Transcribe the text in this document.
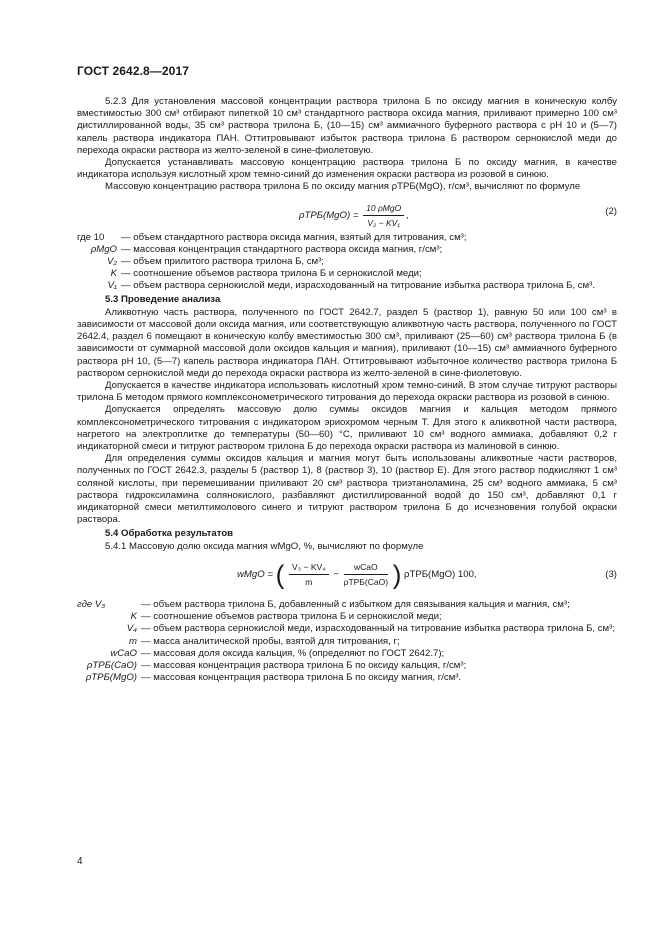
ГОСТ 2642.8—2017

5.2.3 Для установления массовой концентрации раствора трилона Б по оксиду магния в коническую колбу вместимостью 300 см³ отбирают пипеткой 10 см³ стандартного раствора оксида магния, приливают примерно 100 см³ дистиллированной воды, 35 см³ раствора трилона Б, (10—15) см³ аммиачного буферного раствора с pH 10 и (5—7) капель раствора индикатора ПАН. Оттитровывают избыток раствора трилона Б раствором сернокислой меди до перехода окраски раствора из желто-зеленой в сине-фиолетовую.

Допускается устанавливать массовую концентрацию раствора трилона Б по оксиду магния, в качестве индикатора используя кислотный хром темно-синий до изменения окраски раствора из розовой в синюю.

Массовую концентрацию раствора трилона Б по оксиду магния ρТРБ(MgO), г/см³, вычисляют по формуле

$\rho ТРБ(MgO) = \frac{\text{10 ρMgO}}{\text{V₂ − KV₁}}$ ,	(2)
где 10	— объем стандартного раствора оксида магния, взятый для титрования, см³;
ρMgO — массовая концентрация стандартного раствора оксида магния, г/см³;
V₂ — объем прилитого раствора трилона Б, см³;
K — соотношение объемов раствора трилона Б и сернокислой меди;
V₁ — объем раствора сернокислой меди, израсходованный на титрование избытка раствора трилона Б, см³.

5.3 Проведение анализа

Аликвотную часть раствора, полученного по ГОСТ 2642.7, раздел 5 (раствор 1), равную 50 или 100 см³ в зависимости от массовой доли оксида магния, или соответствующую аликвотную часть раствора, полученного по ГОСТ 2642.4, раздел 6 помещают в коническую колбу вместимостью 300 см³, приливают (25—60) см³ раствора трилона Б (в зависимости от суммарной массовой доли оксидов кальция и магния), приливают (10—15) см³ аммиачного буферного раствора pH 10, (5—7) капель раствора индикатора ПАН. Оттитровывают избыточное количество раствора трилона Б раствором сернокислой меди до перехода окраски раствора из желто-зеленой в сине-фиолетовую.

Допускается в качестве индикатора использовать кислотный хром темно-синий. В этом случае титруют растворы трилона Б методом прямого комплексонометрического титрования до перехода окраски раствора из розовой в синюю.

Допускается определять массовую долю суммы оксидов магния и кальция методом прямого комплексонометрического титрования с индикатором эриохромом черным Т. Для этого к аликвотной части раствора, нагретого на электроплитке до температуры (50—60) °С, приливают 10 см³ водного аммиака, добавляют 0,2 г индикаторной смеси и титруют раствором трилона Б до перехода окраски раствора из малиновой в синюю.

Для определения суммы оксидов кальция и магния могут быть использованы аликвотные части растворов, полученных по ГОСТ 2642.3, разделы 5 (раствор 1), 8 (раствор 3), 10 (раствор Е). Для этого раствор подкисляют 1 см³ соляной кислоты, при перемешивании приливают 20 см³ раствора триэтаноламина, 25 см³ водного аммиака, 5 см³ раствора гидроксиламина солянокислого, разбавляют дистиллированной водой до 150 см³, добавляют 0,1 г индикаторной смеси метилтимолового синего и титруют раствором трилона Б до исчезновения голубой окраски раствора.

5.4 Обработка результатов

5.4.1 Массовую долю оксида магния wMgO, %, вычисляют по формуле

wMgO = ( $\frac{\text{V₃ − KV₄}}{m} - \frac{\text{wCaO}}{\text{ρТРБ(CaO)}}$ ) ρТРБ(MgO) 100,	(3)
где V₃	— объем раствора трилона Б, добавленный с избытком для связывания кальция и магния, см³;
K — соотношение объемов раствора трилона Б и сернокислой меди;
V₄ — объем раствора сернокислой меди, израсходованный на титрование избытка раствора трилона Б, см³;
m — масса аналитической пробы, взятой для титрования, г;
wCaO — массовая доля оксида кальция, % (определяют по ГОСТ 2642.7);
ρТРБ(CaO) — массовая концентрация раствора трилона Б по оксиду кальция, г/см³;
ρТРБ(MgO) — массовая концентрация раствора трилона Б по оксиду магния, г/см³.
4
